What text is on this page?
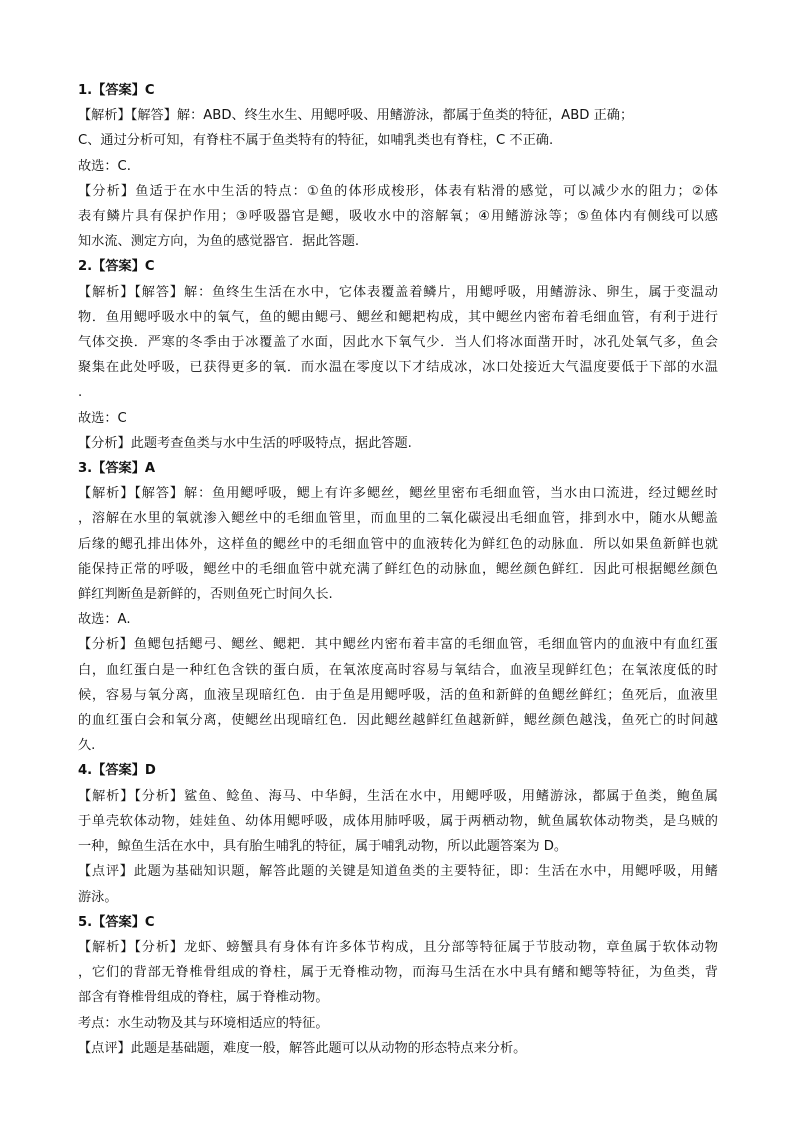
1.【答案】C
【解析】【解答】解：ABD、终生水生、用鳃呼吸、用鳍游泳，都属于鱼类的特征，ABD 正确；
C、通过分析可知，有脊柱不属于鱼类特有的特征，如哺乳类也有脊柱，C 不正确.
故选：C.
【分析】鱼适于在水中生活的特点：①鱼的体形成梭形，体表有粘滑的感觉，可以减少水的阻力；②体
表有鳞片具有保护作用；③呼吸器官是鳃，吸收水中的溶解氧；④用鳍游泳等；⑤鱼体内有侧线可以感
知水流、测定方向，为鱼的感觉器官．据此答题.
2.【答案】C
【解析】【解答】解：鱼终生生活在水中，它体表覆盖着鳞片，用鳃呼吸，用鳍游泳、卵生，属于变温动
物．鱼用鳃呼吸水中的氧气，鱼的鳃由鳃弓、鳃丝和鳃耙构成，其中鳃丝内密布着毛细血管，有利于进行
气体交换．严寒的冬季由于冰覆盖了水面，因此水下氧气少．当人们将冰面凿开时，冰孔处氧气多，鱼会
聚集在此处呼吸，已获得更多的氧．而水温在零度以下才结成冰，冰口处接近大气温度要低于下部的水温
.
故选：C
【分析】此题考查鱼类与水中生活的呼吸特点，据此答题.
3.【答案】A
【解析】【解答】解：鱼用鳃呼吸，鳃上有许多鳃丝，鳃丝里密布毛细血管，当水由口流进，经过鳃丝时
，溶解在水里的氧就渗入鳃丝中的毛细血管里，而血里的二氧化碳浸出毛细血管，排到水中，随水从鳃盖
后缘的鳃孔排出体外，这样鱼的鳃丝中的毛细血管中的血液转化为鲜红色的动脉血．所以如果鱼新鲜也就
能保持正常的呼吸，鳃丝中的毛细血管中就充满了鲜红色的动脉血，鳃丝颜色鲜红．因此可根据鳃丝颜色
鲜红判断鱼是新鲜的，否则鱼死亡时间久长.
故选：A.
【分析】鱼鳃包括鳃弓、鳃丝、鳃耙．其中鳃丝内密布着丰富的毛细血管，毛细血管内的血液中有血红蛋
白，血红蛋白是一种红色含铁的蛋白质，在氧浓度高时容易与氧结合，血液呈现鲜红色；在氧浓度低的时
候，容易与氧分离，血液呈现暗红色．由于鱼是用鳃呼吸，活的鱼和新鲜的鱼鳃丝鲜红；鱼死后，血液里
的血红蛋白会和氧分离，使鳃丝出现暗红色．因此鳃丝越鲜红鱼越新鲜，鳃丝颜色越浅，鱼死亡的时间越
久.
4.【答案】D
【解析】【分析】鲨鱼、鲶鱼、海马、中华鲟，生活在水中，用鳃呼吸，用鳍游泳，都属于鱼类，鲍鱼属
于单壳软体动物，娃娃鱼、幼体用鳃呼吸，成体用肺呼吸，属于两栖动物，鱿鱼属软体动物类，是乌贼的
一种，鲸鱼生活在水中，具有胎生哺乳的特征，属于哺乳动物，所以此题答案为 D。
【点评】此题为基础知识题，解答此题的关键是知道鱼类的主要特征，即：生活在水中，用鳃呼吸，用鳍
游泳。
5.【答案】C
【解析】【分析】龙虾、螃蟹具有身体有许多体节构成，且分部等特征属于节肢动物，章鱼属于软体动物
，它们的背部无脊椎骨组成的脊柱，属于无脊椎动物，而海马生活在水中具有鳍和鳃等特征，为鱼类，背
部含有脊椎骨组成的脊柱，属于脊椎动物。
考点：水生动物及其与环境相适应的特征。
【点评】此题是基础题，难度一般，解答此题可以从动物的形态特点来分析。
